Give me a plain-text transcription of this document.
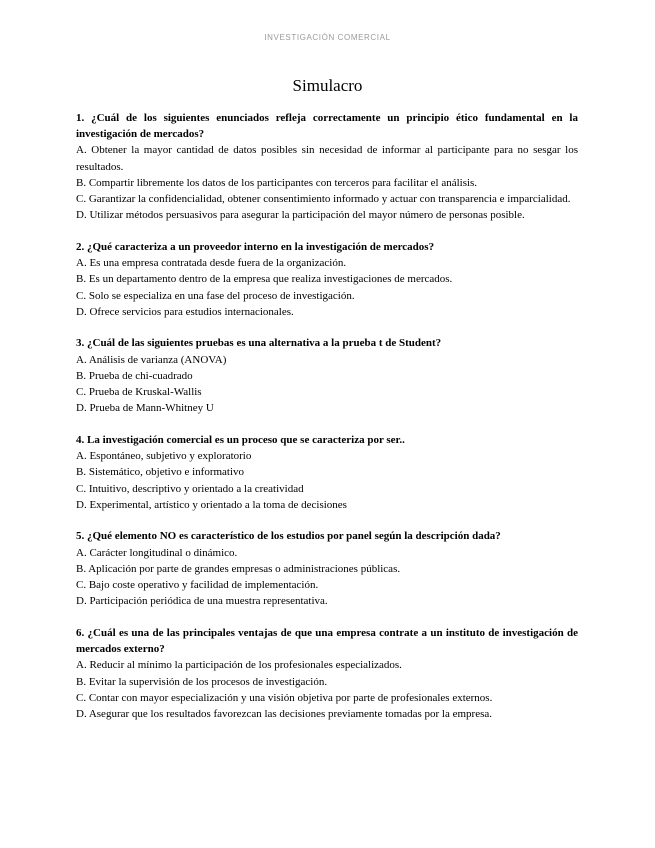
INVESTIGACIÓN COMERCIAL
Simulacro

1. ¿Cuál de los siguientes enunciados refleja correctamente un principio ético fundamental en la investigación de mercados?

A. Obtener la mayor cantidad de datos posibles sin necesidad de informar al participante para no sesgar los resultados.

B. Compartir libremente los datos de los participantes con terceros para facilitar el análisis.

C. Garantizar la confidencialidad, obtener consentimiento informado y actuar con transparencia e imparcialidad.

D. Utilizar métodos persuasivos para asegurar la participación del mayor número de personas posible.

2. ¿Qué caracteriza a un proveedor interno en la investigación de mercados?

A. Es una empresa contratada desde fuera de la organización.

B. Es un departamento dentro de la empresa que realiza investigaciones de mercados.

C. Solo se especializa en una fase del proceso de investigación.

D. Ofrece servicios para estudios internacionales.

3. ¿Cuál de las siguientes pruebas es una alternativa a la prueba t de Student?

A. Análisis de varianza (ANOVA)

B. Prueba de chi-cuadrado

C. Prueba de Kruskal-Wallis

D. Prueba de Mann-Whitney U

4. La investigación comercial es un proceso que se caracteriza por ser..

A. Espontáneo, subjetivo y exploratorio

B. Sistemático, objetivo e informativo

C. Intuitivo, descriptivo y orientado a la creatividad

D. Experimental, artístico y orientado a la toma de decisiones

5. ¿Qué elemento NO es característico de los estudios por panel según la descripción dada?

A. Carácter longitudinal o dinámico.

B. Aplicación por parte de grandes empresas o administraciones públicas.

C. Bajo coste operativo y facilidad de implementación.

D. Participación periódica de una muestra representativa.

6. ¿Cuál es una de las principales ventajas de que una empresa contrate a un instituto de investigación de mercados externo?

A. Reducir al mínimo la participación de los profesionales especializados.

B. Evitar la supervisión de los procesos de investigación.

C. Contar con mayor especialización y una visión objetiva por parte de profesionales externos.

D. Asegurar que los resultados favorezcan las decisiones previamente tomadas por la empresa.
